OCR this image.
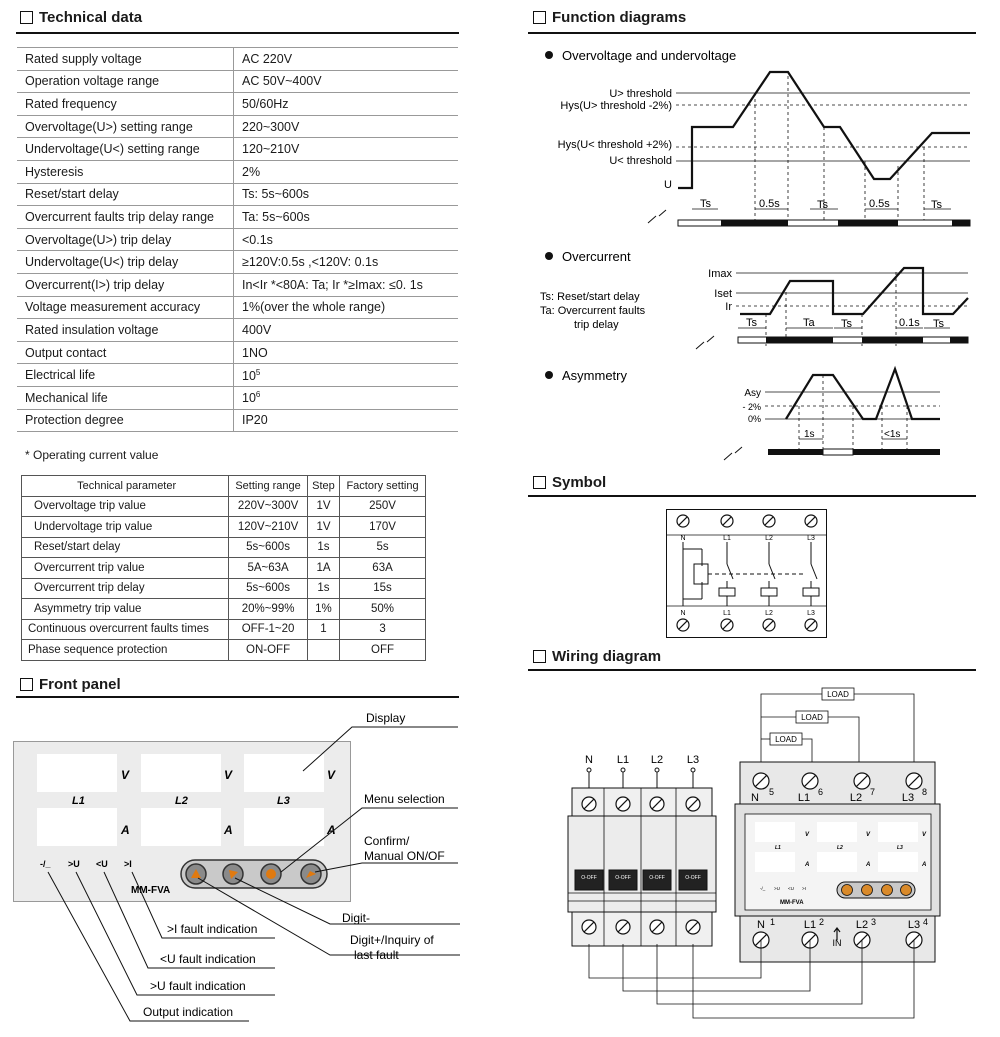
Technical data	Function diagrams
Symbol
Wiring diagram
Front panel
Rated supply voltage	AC 220V
Operation voltage range	AC 50V~400V
Rated frequency	50/60Hz
Overvoltage(U>) setting range	220~300V
Undervoltage(U<) setting range	120~210V
Hysteresis	2%
Reset/start delay	Ts: 5s~600s
Overcurrent faults trip delay range	Ta: 5s~600s
Overvoltage(U>) trip delay	<0.1s
Undervoltage(U<) trip delay	≥120V:0.5s ,<120V: 0.1s
Overcurrent(I>) trip delay	In<Ir *<80A: Ta; Ir *≥Imax: ≤0. 1s
Voltage measurement accuracy	1%(over the whole range)
Rated insulation voltage	400V
Output contact	1NO
Electrical life	$10^5$
Mechanical life	$10^6$
Protection degree	IP20
* Operating current value
Technical parameter	Setting range	Step	Factory setting
Overvoltage trip value	220V~300V	1V	250V
Undervoltage trip value	120V~210V	1V	170V
Reset/start delay	5s~600s	1s	5s
Overcurrent trip value	5A~63A	1A	63A
Overcurrent trip delay	5s~600s	1s	15s
Asymmetry trip value	20%~99%	1%	50%
Continuous overcurrent faults times	OFF-1~20	1	3
Phase sequence protection	ON-OFF		OFF
V	V	V
A	A	A
L1	L2	L3
-/_ >U <U >I
MM-FVA
Display
Menu selection
Confirm/
Manual ON/OF
Digit-
Digit+/Inquiry of
last fault
>I fault indication
<U fault indication
>U fault indication
Output indication
Overvoltage and undervoltage
U> threshold
Hys(U> threshold -2%)
Hys(U< threshold +2%)
U< threshold
U
Ts	0.5s	Ts	0.5s	Ts
Overcurrent
Ts: Reset/start delay
Ta: Overcurrent faults
trip delay
Imax
Iset
Ir
Ts	Ta Ts	0.1s Ts
Asymmetry
Asy
- 2%
0%
1s	<1s
N	L1	L2	L3
N	L1	L2	L3
LOAD
LOAD
LOAD
V	V	V
A	A	A
L1	L2	L3
-/_ >U <U >I
MM-FVA
IN
N 5 L1 6 L2 7 L3 8
N 1	L1 2	L2 3	L3 4
N L1 L2 L3
O-OFF	O-OFF	O-OFF	O-OFF
